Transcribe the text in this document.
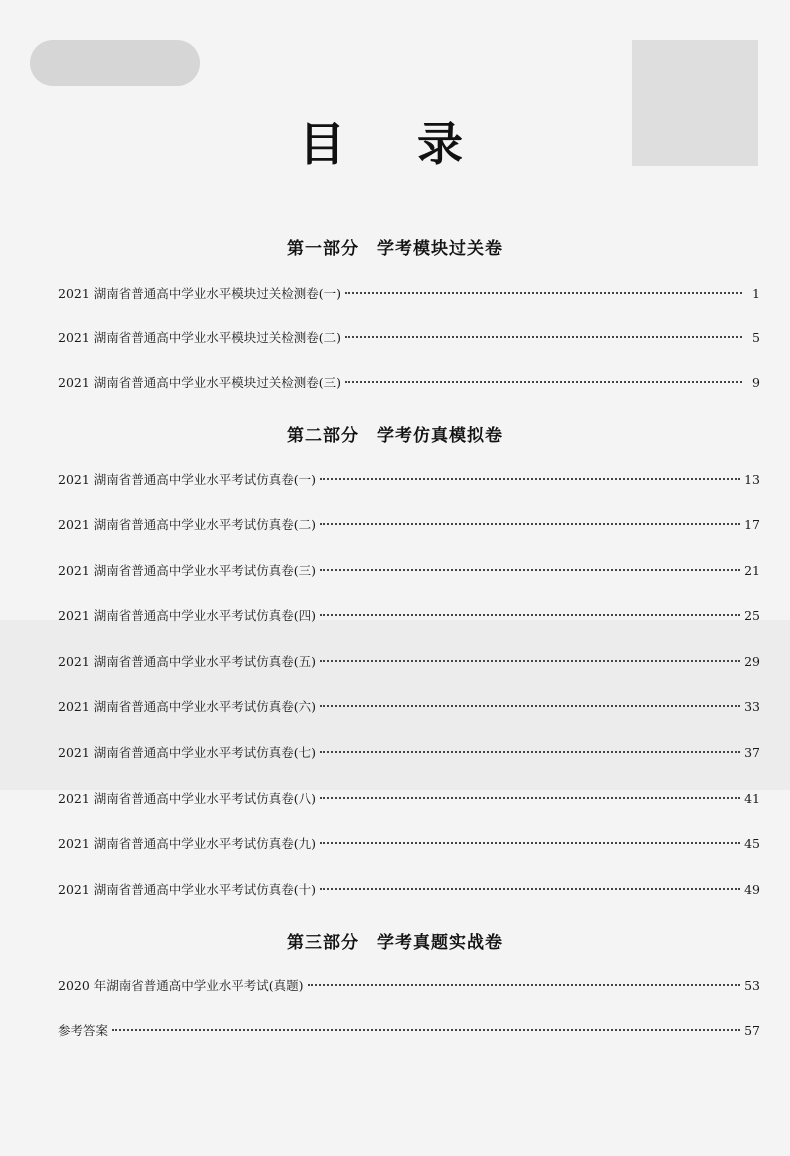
目 录
第一部分　学考模块过关卷
2021 湖南省普通高中学业水平模块过关检测卷(一)	1
2021 湖南省普通高中学业水平模块过关检测卷(二)	5
2021 湖南省普通高中学业水平模块过关检测卷(三)	9
第二部分　学考仿真模拟卷
2021 湖南省普通高中学业水平考试仿真卷(一)	13
2021 湖南省普通高中学业水平考试仿真卷(二)	17
2021 湖南省普通高中学业水平考试仿真卷(三)	21
2021 湖南省普通高中学业水平考试仿真卷(四)	25
2021 湖南省普通高中学业水平考试仿真卷(五)	29
2021 湖南省普通高中学业水平考试仿真卷(六)	33
2021 湖南省普通高中学业水平考试仿真卷(七)	37
2021 湖南省普通高中学业水平考试仿真卷(八)	41
2021 湖南省普通高中学业水平考试仿真卷(九)	45
2021 湖南省普通高中学业水平考试仿真卷(十)	49
第三部分　学考真题实战卷
2020 年湖南省普通高中学业水平考试(真题)	53
参考答案	57
